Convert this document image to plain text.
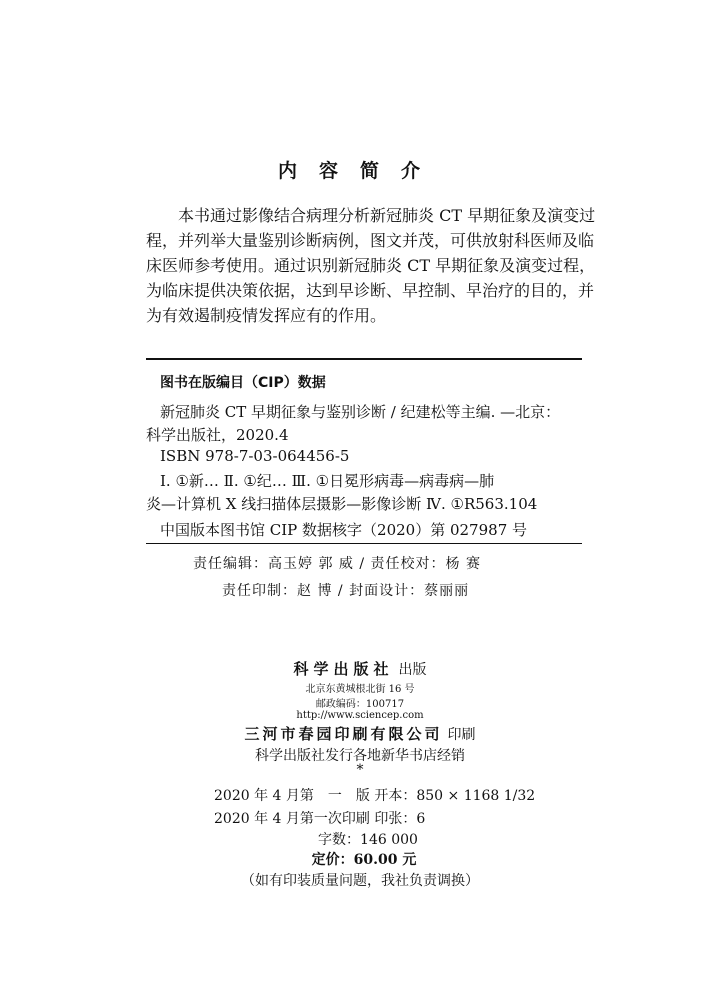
内容简介
本书通过影像结合病理分析新冠肺炎 CT 早期征象及演变过
程，并列举大量鉴别诊断病例，图文并茂，可供放射科医师及临
床医师参考使用。通过识别新冠肺炎 CT 早期征象及演变过程，
为临床提供决策依据，达到早诊断、早控制、早治疗的目的，并
为有效遏制疫情发挥应有的作用。
图书在版编目（CIP）数据
新冠肺炎 CT 早期征象与鉴别诊断 / 纪建松等主编. —北京：
科学出版社，2020.4
ISBN 978-7-03-064456-5
Ⅰ. ①新… Ⅱ. ①纪… Ⅲ. ①日冕形病毒—病毒病—肺
炎—计算机 X 线扫描体层摄影—影像诊断 Ⅳ. ①R563.104
中国版本图书馆 CIP 数据核字（2020）第 027987 号
责任编辑：高玉婷 郭 威 / 责任校对：杨 赛
责任印制：赵 博 / 封面设计：蔡丽丽
科学出版社 出版
北京东黄城根北街 16 号
邮政编码：100717
http://www.sciencep.com
三河市春园印刷有限公司 印刷
科学出版社发行各地新华书店经销
*
2020 年 4 月第　一　版 开本：850 × 1168 1/32
2020 年 4 月第一次印刷 印张：6
字数：146 000
定价：60.00 元
（如有印装质量问题，我社负责调换）
